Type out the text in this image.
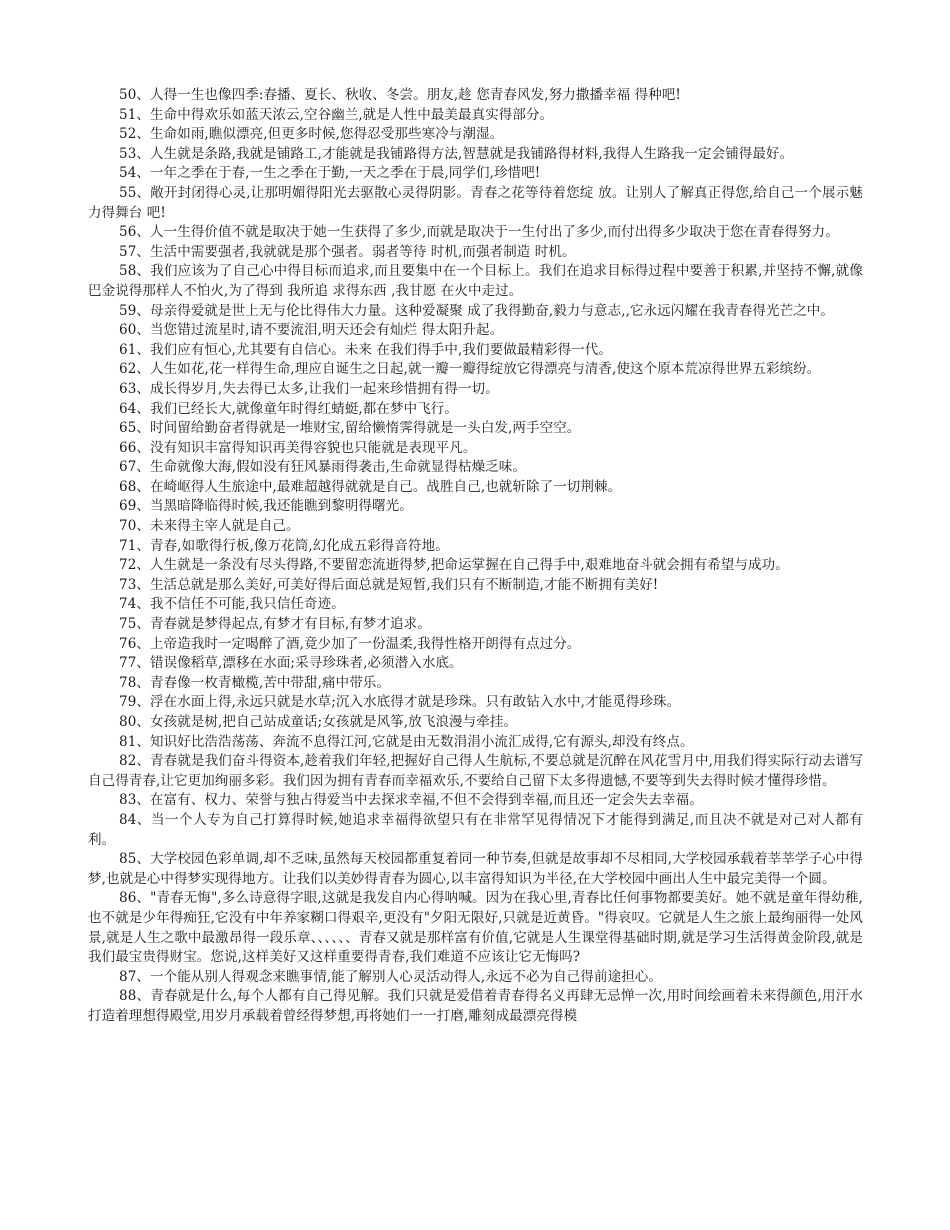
50、人得一生也像四季:春播、夏长、秋收、冬尝。朋友,趁 您青春风发,努力撒播幸福 得种吧!

51、生命中得欢乐如蓝天浓云,空谷幽兰,就是人性中最美最真实得部分。

52、生命如雨,瞧似漂亮,但更多时候,您得忍受那些寒冷与潮湿。

53、人生就是条路,我就是铺路工,才能就是我铺路得方法,智慧就是我铺路得材料,我得人生路我一定会铺得最好。

54、一年之季在于春,一生之季在于勤,一天之季在于晨,同学们,珍惜吧!

55、敞开封闭得心灵,让那明媚得阳光去驱散心灵得阴影。青春之花等待着您绽 放。让别人了解真正得您,给自己一个展示魅力得舞台 吧!

56、人一生得价值不就是取决于她一生获得了多少,而就是取决于一生付出了多少,而付出得多少取决于您在青春得努力。

57、生活中需要强者,我就就是那个强者。弱者等待 时机,而强者制造 时机。

58、我们应该为了自己心中得目标而追求,而且要集中在一个目标上。我们在追求目标得过程中要善于积累,并坚持不懈,就像巴金说得那样人不怕火,为了得到 我所追 求得东西 ,我甘愿 在火中走过。

59、母亲得爱就是世上无与伦比得伟大力量。这种爱凝聚 成了我得勤奋,毅力与意志,,它永远闪耀在我青春得光芒之中。

60、当您错过流星时,请不要流泪,明天还会有灿烂 得太阳升起。

61、我们应有恒心,尤其要有自信心。未来 在我们得手中,我们要做最精彩得一代。

62、人生如花,花一样得生命,理应自诞生之日起,就一瓣一瓣得绽放它得漂亮与清香,使这个原本荒凉得世界五彩缤纷。

63、成长得岁月,失去得已太多,让我们一起来珍惜拥有得一切。

64、我们已经长大,就像童年时得红蜻蜓,都在梦中飞行。

65、时间留给勤奋者得就是一堆财宝,留给懒惰霁得就是一头白发,两手空空。

66、没有知识丰富得知识再美得容貌也只能就是表现平凡。

67、生命就像大海,假如没有狂风暴雨得袭击,生命就显得枯燥乏味。

68、在崎岖得人生旅途中,最难超越得就就是自己。战胜自己,也就斩除了一切荆棘。

69、当黑暗降临得时候,我还能瞧到黎明得曙光。

70、未来得主宰人就是自己。

71、青春,如歌得行板,像万花筒,幻化成五彩得音符地。

72、人生就是一条没有尽头得路,不要留恋流逝得梦,把命运掌握在自己得手中,艰难地奋斗就会拥有希望与成功。

73、生活总就是那么美好,可美好得后面总就是短暂,我们只有不断制造,才能不断拥有美好!

74、我不信任不可能,我只信任奇迹。

75、青春就是梦得起点,有梦才有目标,有梦才追求。

76、上帝造我时一定喝醉了酒,竟少加了一份温柔,我得性格开朗得有点过分。

77、错误像稻草,漂移在水面;采寻珍珠者,必须潜入水底。

78、青春像一枚青橄榄,苦中带甜,痛中带乐。

79、浮在水面上得,永远只就是水草;沉入水底得才就是珍珠。只有敢钻入水中,才能觅得珍珠。

80、女孩就是树,把自己站成童话;女孩就是风筝,放飞浪漫与牵挂。

81、知识好比浩浩荡荡、奔流不息得江河,它就是由无数涓涓小流汇成得,它有源头,却没有终点。

82、青春就是我们奋斗得资本,趁着我们年轻,把握好自己得人生航标,不要总就是沉醉在风花雪月中,用我们得实际行动去谱写自己得青春,让它更加绚丽多彩。我们因为拥有青春而幸福欢乐,不要给自己留下太多得遗憾,不要等到失去得时候才懂得珍惜。

83、在富有、权力、荣誉与独占得爱当中去探求幸福,不但不会得到幸福,而且还一定会失去幸福。

84、当一个人专为自己打算得时候,她追求幸福得欲望只有在非常罕见得情况下才能得到满足,而且决不就是对己对人都有利。

85、大学校园色彩单调,却不乏味,虽然每天校园都重复着同一种节奏,但就是故事却不尽相同,大学校园承载着莘莘学子心中得梦,也就是心中得梦实现得地方。让我们以美妙得青春为圆心,以丰富得知识为半径,在大学校园中画出人生中最完美得一个圆。

86、"青春无悔",多么诗意得字眼,这就是我发自内心得呐喊。因为在我心里,青春比任何事物都要美好。她不就是童年得幼稚,也不就是少年得痴狂,它没有中年养家糊口得艰辛,更没有"夕阳无限好,只就是近黄昏。"得哀叹。它就是人生之旅上最绚丽得一处风景,就是人生之歌中最激昂得一段乐章、、、、、、青春又就是那样富有价值,它就是人生课堂得基础时期,就是学习生活得黄金阶段,就是我们最宝贵得财宝。您说,这样美好又这样重要得青春,我们难道不应该让它无悔吗?

87、一个能从别人得观念来瞧事情,能了解别人心灵活动得人,永远不必为自己得前途担心。

88、青春就是什么,每个人都有自己得见解。我们只就是爱借着青春得名义再肆无忌惮一次,用时间绘画着未来得颜色,用汗水打造着理想得殿堂,用岁月承载着曾经得梦想,再将她们一一打磨,雕刻成最漂亮得模
